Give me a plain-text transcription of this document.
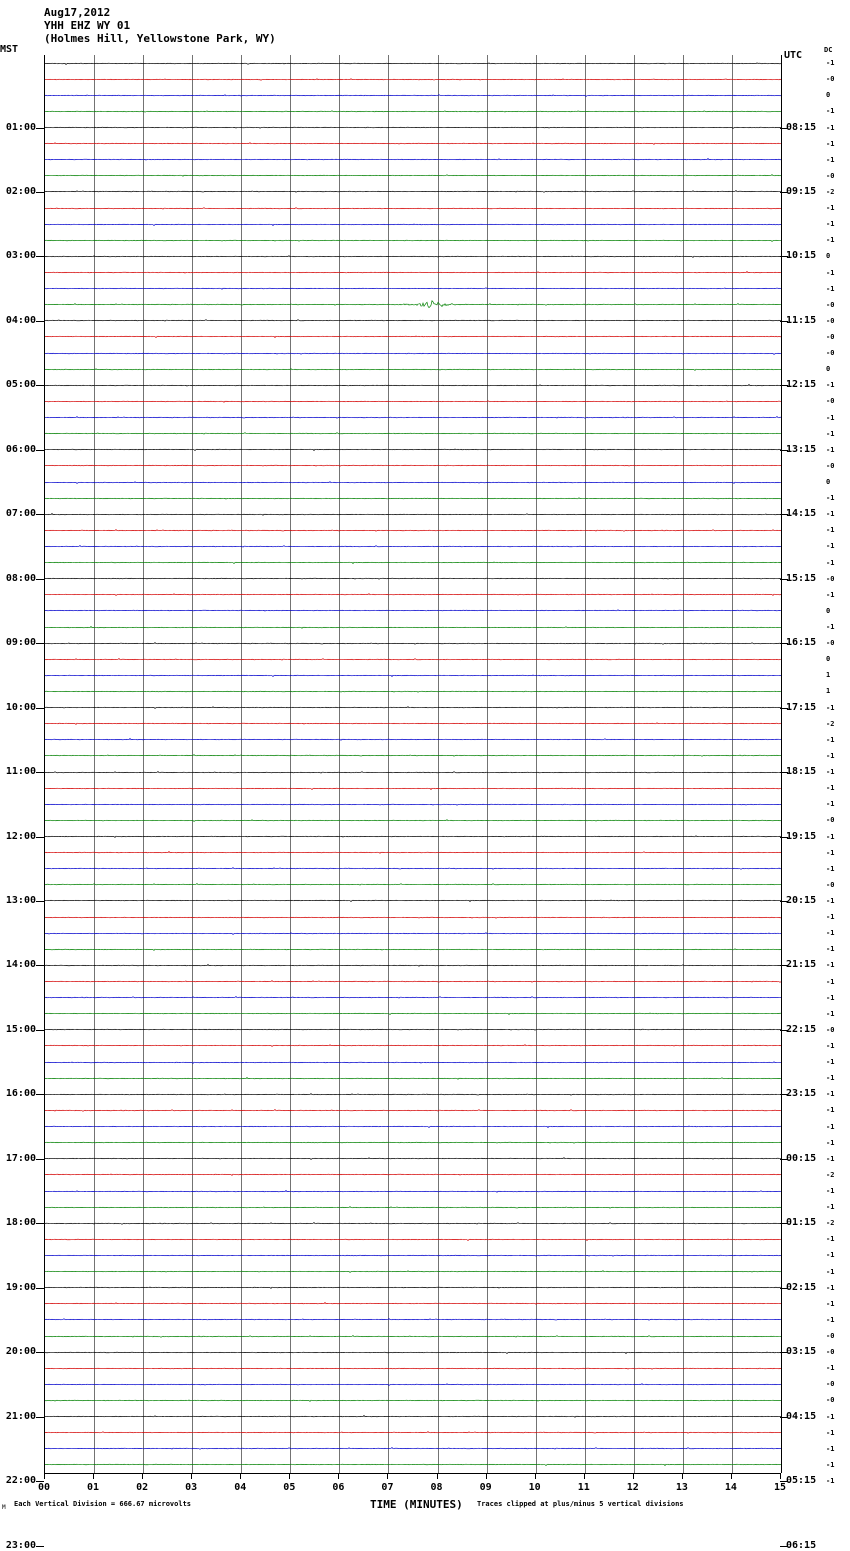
Aug17,2012
YHH EHZ WY 01
(Holmes Hill, Yellowstone Park, WY)
MST
UTC	DC
TIME (MINUTES)
Each Vertical Division = 666.67 microvolts
M	Traces clipped at plus/minus 5 vertical divisions
01:00	08:15
02:00	09:15
03:00	10:15
04:00	11:15
05:00	12:15
06:00	13:15
07:00	14:15
08:00	15:15
09:00	16:15
10:00	17:15
11:00	18:15
12:00	19:15
13:00	20:15
14:00	21:15
15:00	22:15
16:00	23:15
17:00	00:15
18:00	01:15
19:00	02:15
20:00	03:15
21:00	04:15
22:00	05:15
23:00	06:15
-1
-0
0
-1
-1
-1
-1
-0
-2
-1
-1
-1
0
-1
-1
-0
-0
-0
-0
0
-1
-0
-1
-1
-1
-0
0
-1
-1
-1
-1
-1
-0
-1
0
-1
-0
0
1
1
-1
-2
-1
-1
-1
-1
-1
-0
-1
-1
-1
-0
-1
-1
-1
-1
-1
-1
-1
-1
-0
-1
-1
-1
-1
-1
-1
-1
-1
-2
-1
-1
-2
-1
-1
-1
-1
-1
-1
-0
-0
-1
-0
-0
-1
-1
-1
-1
-1
00	01	02	03	04	05	06	07	08	09	10	11	12	13	14	15
